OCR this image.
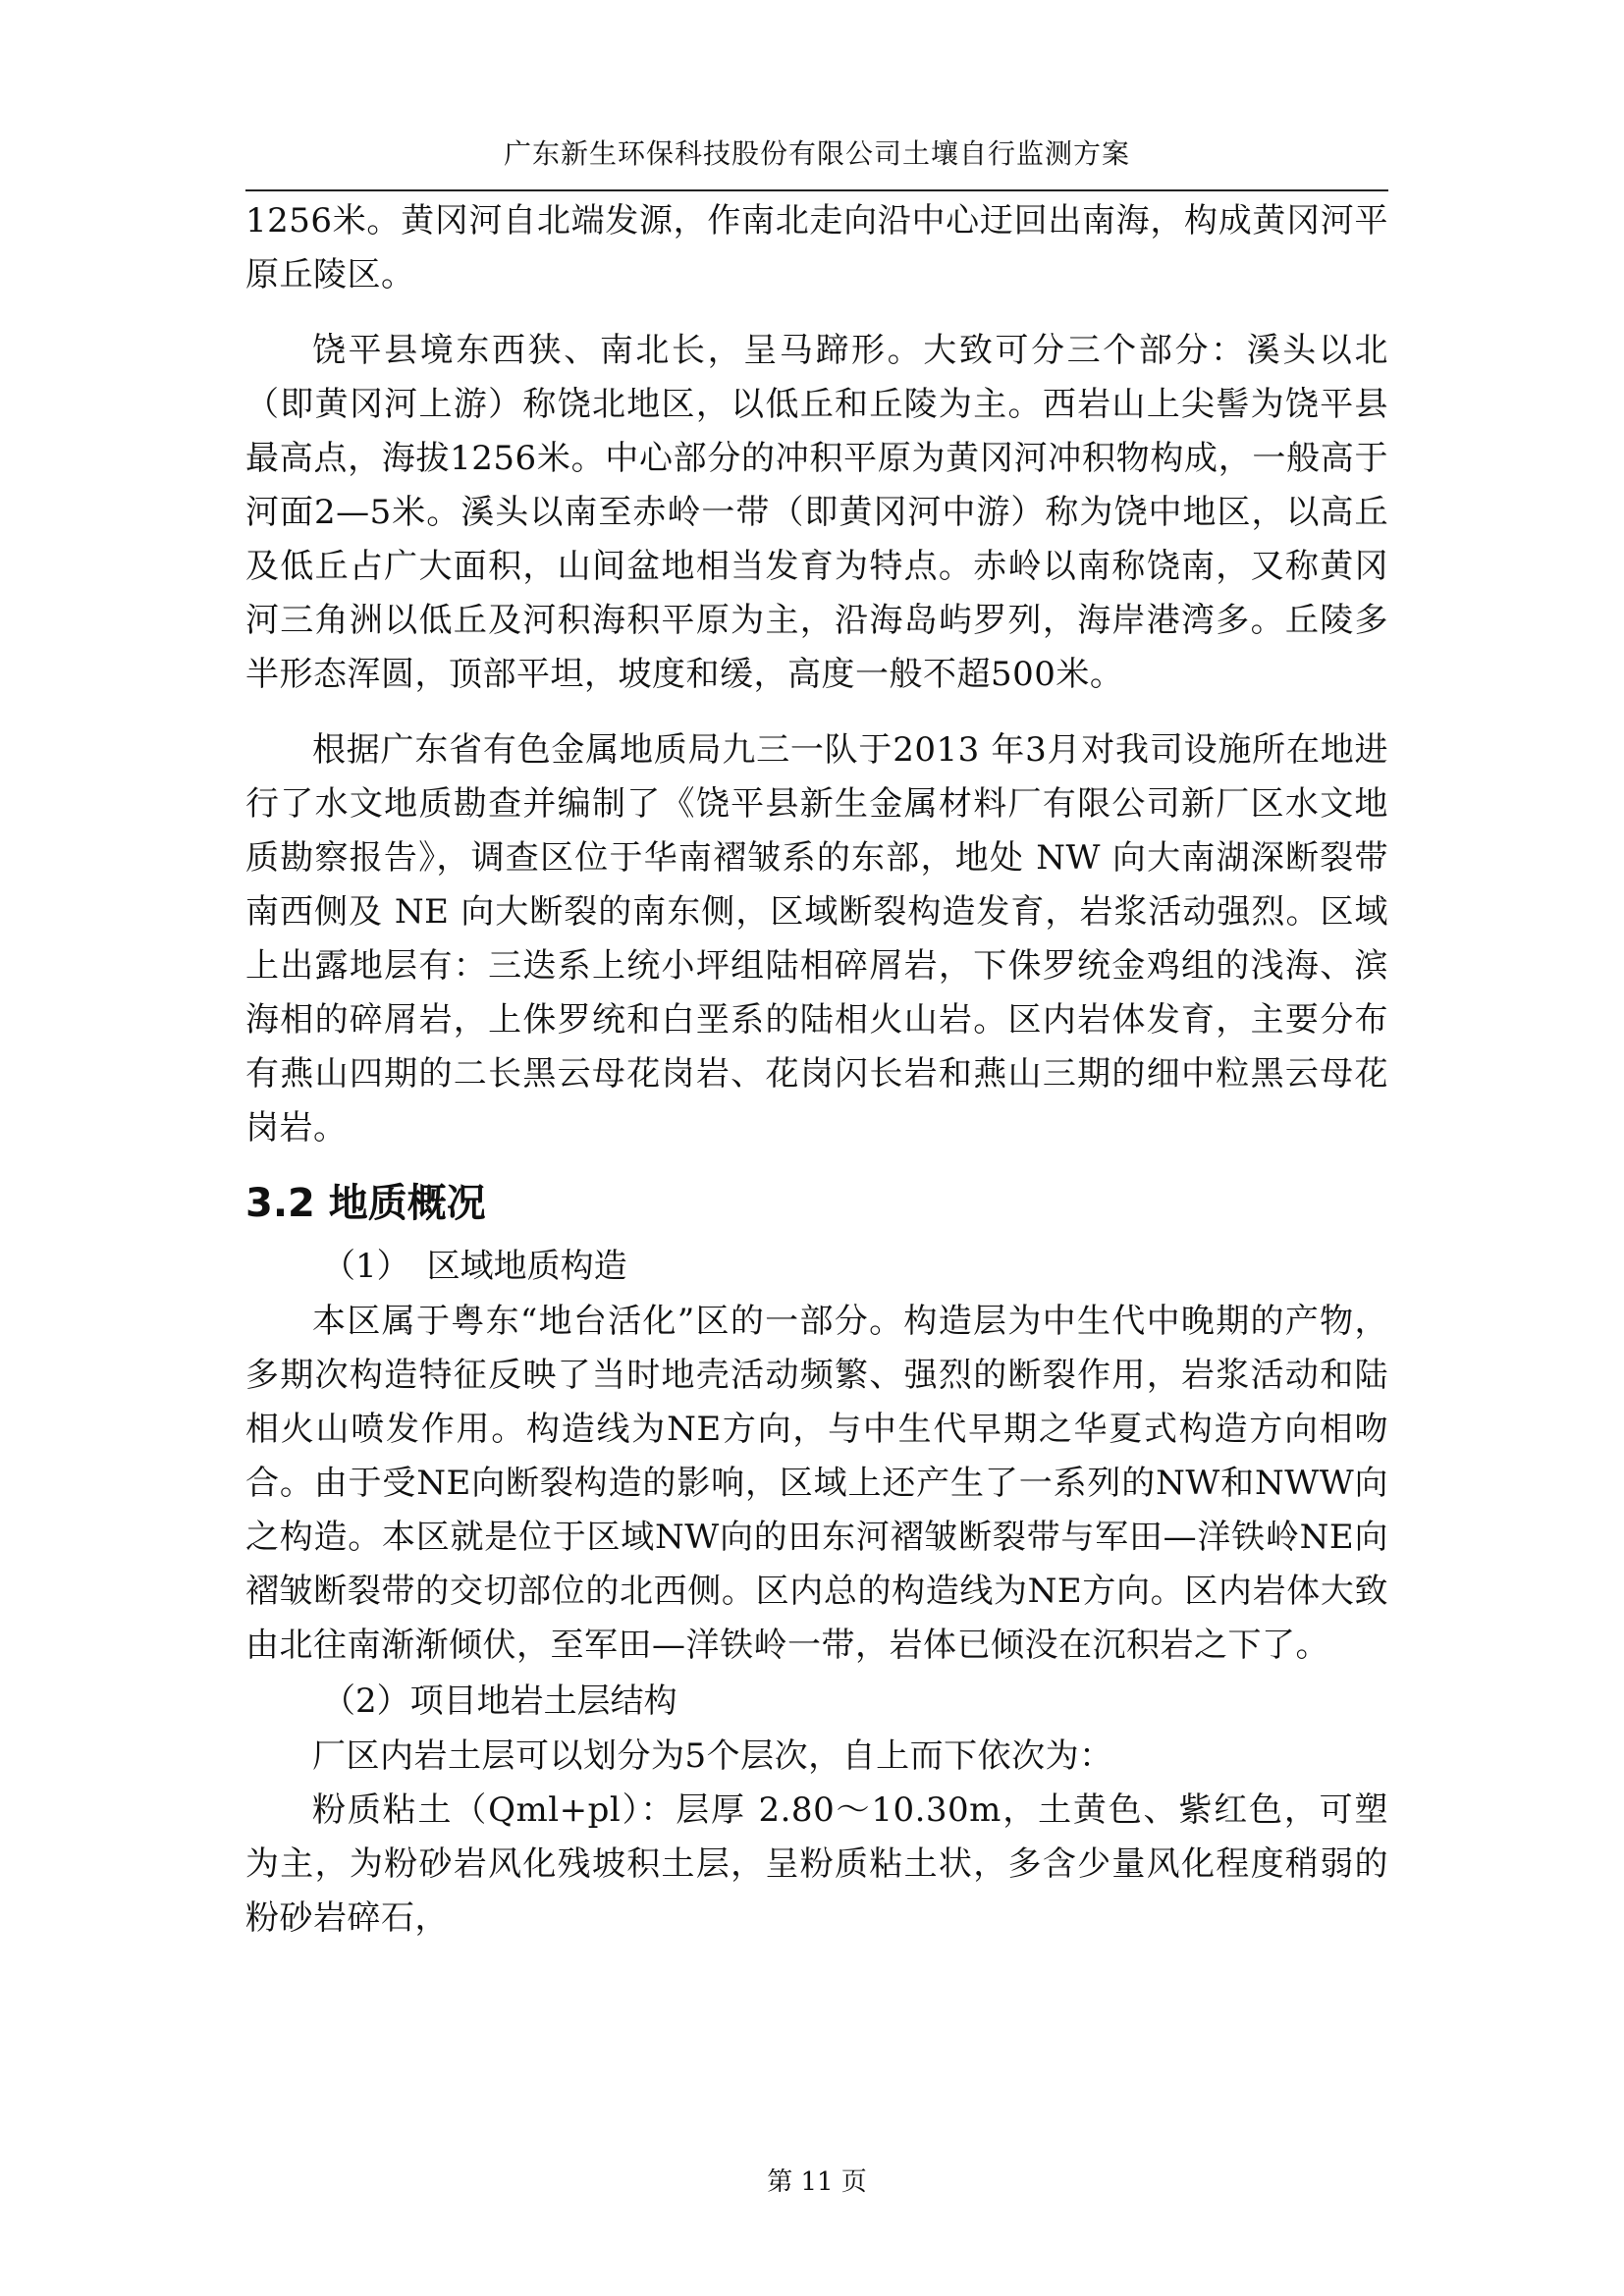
广东新生环保科技股份有限公司土壤自行监测方案

1256米。黄冈河自北端发源，作南北走向沿中心迂回出南海，构成黄冈河平原丘陵区。

饶平县境东西狭、南北长，呈马蹄形。大致可分三个部分：溪头以北（即黄冈河上游）称饶北地区，以低丘和丘陵为主。西岩山上尖髻为饶平县最高点，海拔1256米。中心部分的冲积平原为黄冈河冲积物构成，一般高于河面2—5米。溪头以南至赤岭一带（即黄冈河中游）称为饶中地区，以高丘及低丘占广大面积，山间盆地相当发育为特点。赤岭以南称饶南，又称黄冈河三角洲以低丘及河积海积平原为主，沿海岛屿罗列，海岸港湾多。丘陵多半形态浑圆，顶部平坦，坡度和缓，高度一般不超500米。

根据广东省有色金属地质局九三一队于2013 年3月对我司设施所在地进行了水文地质勘查并编制了《饶平县新生金属材料厂有限公司新厂区水文地质勘察报告》，调查区位于华南褶皱系的东部，地处 NW 向大南湖深断裂带南西侧及 NE 向大断裂的南东侧，区域断裂构造发育，岩浆活动强烈。区域上出露地层有：三迭系上统小坪组陆相碎屑岩，下侏罗统金鸡组的浅海、滨海相的碎屑岩，上侏罗统和白垩系的陆相火山岩。区内岩体发育，主要分布有燕山四期的二长黑云母花岗岩、花岗闪长岩和燕山三期的细中粒黑云母花岗岩。

3.2 地质概况

（1）　区域地质构造

本区属于粤东“地台活化”区的一部分。构造层为中生代中晚期的产物，多期次构造特征反映了当时地壳活动频繁、强烈的断裂作用，岩浆活动和陆相火山喷发作用。构造线为NE方向，与中生代早期之华夏式构造方向相吻合。由于受NE向断裂构造的影响，区域上还产生了一系列的NW和NWW向之构造。本区就是位于区域NW向的田东河褶皱断裂带与军田—洋铁岭NE向褶皱断裂带的交切部位的北西侧。区内总的构造线为NE方向。区内岩体大致由北往南渐渐倾伏，至军田—洋铁岭一带，岩体已倾没在沉积岩之下了。

（2）项目地岩土层结构

厂区内岩土层可以划分为5个层次，自上而下依次为：

粉质粘土（Qml+pl）：层厚 2.80～10.30m，土黄色、紫红色，可塑为主，为粉砂岩风化残坡积土层，呈粉质粘土状，多含少量风化程度稍弱的粉砂岩碎石，

第 11 页
